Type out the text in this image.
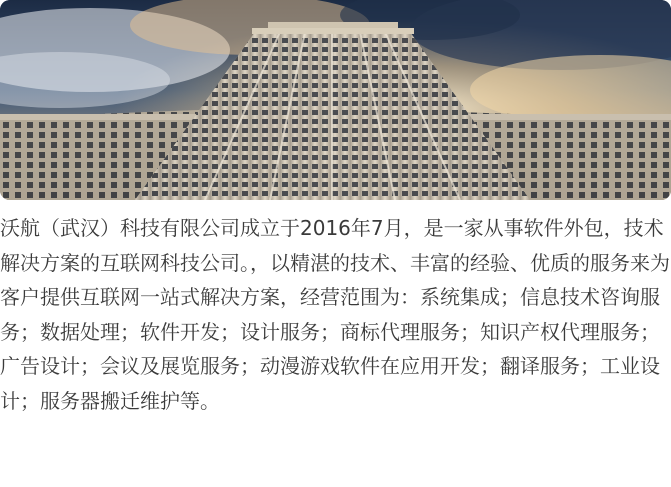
沃航（武汉）科技有限公司成立于2016年7月，是一家从事软件外包，技术解决方案的互联网科技公司。，以精湛的技术、丰富的经验、优质的服务来为客户提供互联网一站式解决方案，经营范围为：系统集成；信息技术咨询服务；数据处理；软件开发；设计服务；商标代理服务；知识产权代理服务；广告设计；会议及展览服务；动漫游戏软件在应用开发；翻译服务；工业设计；服务器搬迁维护等。
